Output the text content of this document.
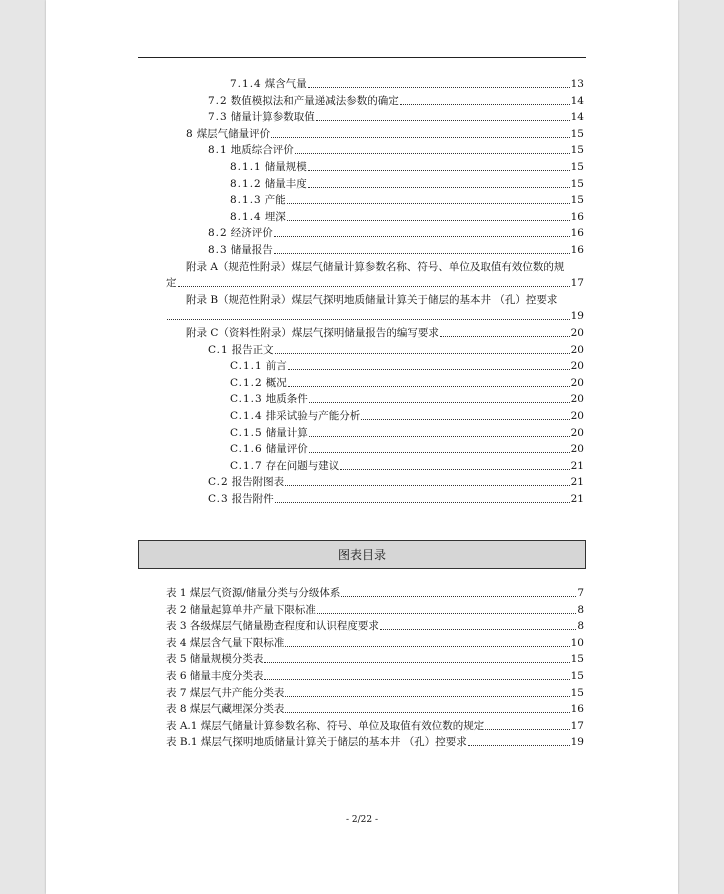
7.1.4 煤含气量	13
7.2 数值模拟法和产量递减法参数的确定	14
7.3 储量计算参数取值	14
8 煤层气储量评价	15
8.1 地质综合评价	15
8.1.1 储量规模	15
8.1.2 储量丰度	15
8.1.3 产能	15
8.1.4 埋深	16
8.2 经济评价	16
8.3 储量报告	16
附录 A（规范性附录）煤层气储量计算参数名称、符号、单位及取值有效位数的规
定	17
附录 B（规范性附录）煤层气探明地质储量计算关于储层的基本井 （孔）控要求
19
附录 C（资料性附录）煤层气探明储量报告的编写要求	20
C.1 报告正文	20
C.1.1 前言	20
C.1.2 概况	20
C.1.3 地质条件	20
C.1.4 排采试验与产能分析	20
C.1.5 储量计算	20
C.1.6 储量评价	20
C.1.7 存在问题与建议	21
C.2 报告附图表	21
C.3 报告附件	21
图表目录
表 1 煤层气资源/储量分类与分级体系	7
表 2 储量起算单井产量下限标准	8
表 3 各级煤层气储量勘查程度和认识程度要求	8
表 4 煤层含气量下限标准	10
表 5 储量规模分类表	15
表 6 储量丰度分类表	15
表 7 煤层气井产能分类表	15
表 8 煤层气藏埋深分类表	16
表 A.1 煤层气储量计算参数名称、符号、单位及取值有效位数的规定	17
表 B.1 煤层气探明地质储量计算关于储层的基本井 （孔）控要求	19
- 2/22 -
